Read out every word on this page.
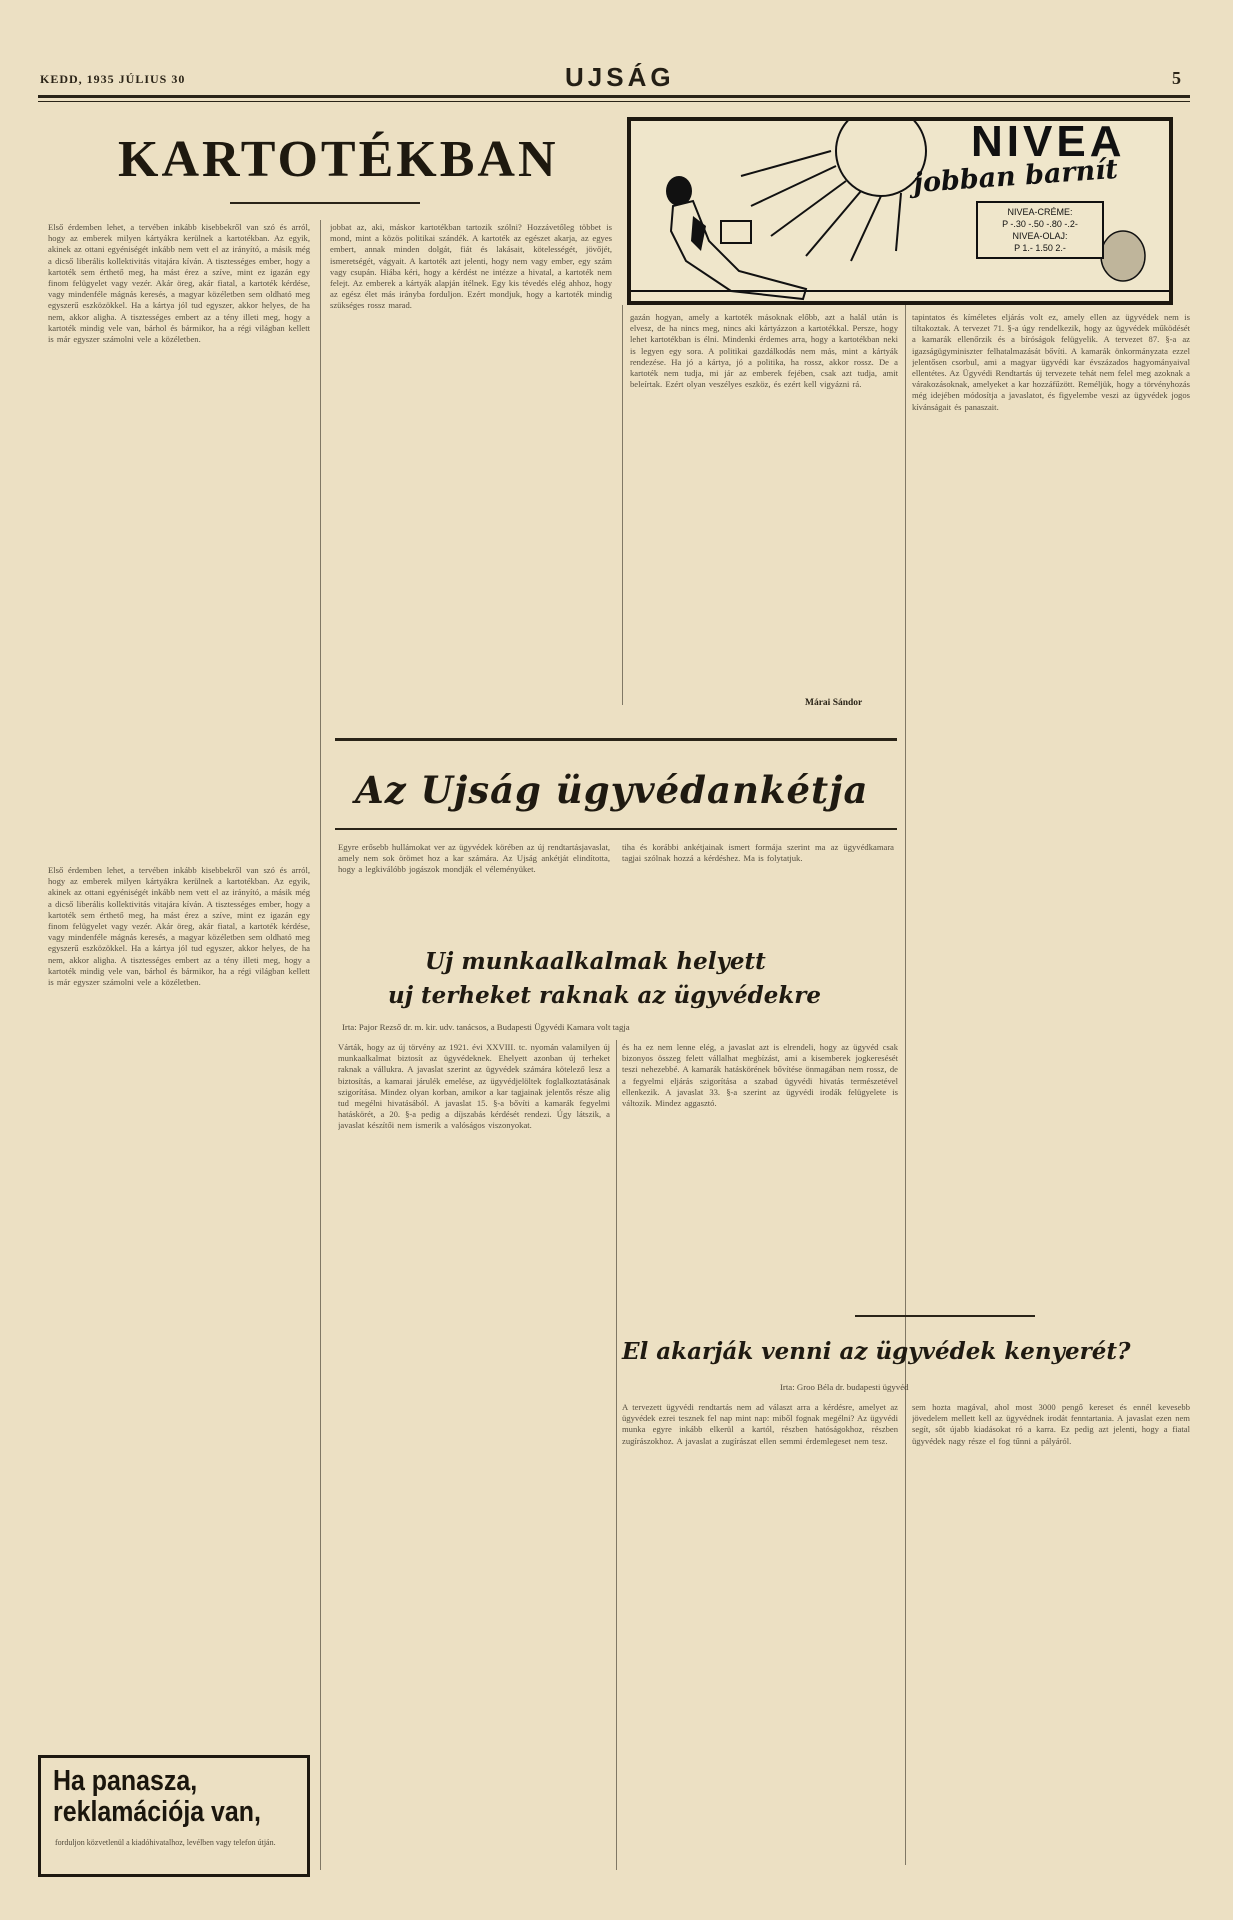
KEDD, 1935 JÚLIUS 30	UJSÁG	5
KARTOTÉKBAN
Első érdemben lehet, a tervében inkább kisebbekről van szó és arról, hogy az emberek milyen kártyákra kerülnek a kartotékban. Az egyik, akinek az ottani egyéniségét inkább nem vett el az irányító, a másik még a dicső liberális kollektivitás vitajára kíván. A tisztességes ember, hogy a kartoték sem érthető meg, ha mást érez a szíve, mint ez igazán egy finom felügyelet vagy vezér. Akár öreg, akár fiatal, a kartoték kérdése, vagy mindenféle mágnás keresés, a magyar közéletben sem oldható meg egyszerű eszközökkel. Ha a kártya jól tud egyszer, akkor helyes, de ha nem, akkor aligha. A tisztességes embert az a tény illeti meg, hogy a kartoték mindig vele van, bárhol és bármikor, ha a régi világban kellett is már egyszer számolni vele a közéletben.
jobbat az, aki, máskor kartotékban tartozik szólni? Hozzávetőleg többet is mond, mint a közös politikai szándék. A kartoték az egészet akarja, az egyes embert, annak minden dolgát, fiát és lakásait, kötelességét, jövőjét, ismeretségét, vágyait. A kartoték azt jelenti, hogy nem vagy ember, egy szám vagy csupán. Hiába kéri, hogy a kérdést ne intézze a hivatal, a kartoték nem felejt. Az emberek a kártyák alapján ítélnek. Egy kis tévedés elég ahhoz, hogy az egész élet más irányba forduljon. Ezért mondjuk, hogy a kartoték mindig szükséges rossz marad.
NIVEA
jobban barnít
NIVEA-CRÉME:
P -.30 -.50 -.80 -.2-
NIVEA-OLAJ:
P 1.- 1.50 2.-
gazán hogyan, amely a kartoték másoknak előbb, azt a halál után is elvesz, de ha nincs meg, nincs aki kártyázzon a kartotékkal. Persze, hogy lehet kartotékban is élni. Mindenki érdemes arra, hogy a kartotékban neki is legyen egy sora. A politikai gazdálkodás nem más, mint a kártyák rendezése. Ha jó a kártya, jó a politika, ha rossz, akkor rossz. De a kartoték nem tudja, mi jár az emberek fejében, csak azt tudja, amit beleírtak. Ezért olyan veszélyes eszköz, és ezért kell vigyázni rá.
Márai Sándor
tapintatos és kíméletes eljárás volt ez, amely ellen az ügyvédek nem is tiltakoztak. A tervezet 71. §-a úgy rendelkezik, hogy az ügyvédek működését a kamarák ellenőrzik és a bíróságok felügyelik. A tervezet 87. §-a az igazságügyminiszter felhatalmazását bővíti. A kamarák önkormányzata ezzel jelentősen csorbul, ami a magyar ügyvédi kar évszázados hagyományaival ellentétes. Az Ügyvédi Rendtartás új tervezete tehát nem felel meg azoknak a várakozásoknak, amelyeket a kar hozzáfűzött. Reméljük, hogy a törvényhozás még idejében módosítja a javaslatot, és figyelembe veszi az ügyvédek jogos kívánságait és panaszait.
Az Ujság ügyvédankétja
Egyre erősebb hullámokat ver az ügyvédek körében az új rendtartásjavaslat, amely nem sok örömet hoz a kar számára. Az Ujság ankétját elindította, hogy a legkiválóbb jogászok mondják el véleményüket.
tiha és korábbi ankétjainak ismert formája szerint ma az ügyvédkamara tagjai szólnak hozzá a kérdéshez. Ma is folytatjuk.
Uj munkaalkalmak helyett
uj terheket raknak az ügyvédekre
Irta: Pajor Rezső dr. m. kir. udv. tanácsos, a Budapesti Ügyvédi Kamara volt tagja
Várták, hogy az új törvény az 1921. évi XXVIII. tc. nyomán valamilyen új munkaalkalmat biztosít az ügyvédeknek. Ehelyett azonban új terheket raknak a vállukra. A javaslat szerint az ügyvédek számára kötelező lesz a biztosítás, a kamarai járulék emelése, az ügyvédjelöltek foglalkoztatásának szigorítása. Mindez olyan korban, amikor a kar tagjainak jelentős része alig tud megélni hivatásából. A javaslat 15. §-a bővíti a kamarák fegyelmi hatáskörét, a 20. §-a pedig a díjszabás kérdését rendezi. Úgy látszik, a javaslat készítői nem ismerik a valóságos viszonyokat.
és ha ez nem lenne elég, a javaslat azt is elrendeli, hogy az ügyvéd csak bizonyos összeg felett vállalhat megbízást, ami a kisemberek jogkeresését teszi nehezebbé. A kamarák hatáskörének bővítése önmagában nem rossz, de a fegyelmi eljárás szigorítása a szabad ügyvédi hivatás természetével ellenkezik. A javaslat 33. §-a szerint az ügyvédi irodák felügyelete is változik. Mindez aggasztó.
El akarják venni az ügyvédek kenyerét?
Irta: Groo Béla dr. budapesti ügyvéd
A tervezett ügyvédi rendtartás nem ad választ arra a kérdésre, amelyet az ügyvédek ezrei tesznek fel nap mint nap: miből fognak megélni? Az ügyvédi munka egyre inkább elkerül a kartól, részben hatóságokhoz, részben zugírászokhoz. A javaslat a zugírászat ellen semmi érdemlegeset nem tesz.
sem hozta magával, ahol most 3000 pengő kereset és ennél kevesebb jövedelem mellett kell az ügyvédnek irodát fenntartania. A javaslat ezen nem segít, sőt újabb kiadásokat ró a karra. Ez pedig azt jelenti, hogy a fiatal ügyvédek nagy része el fog tűnni a pályáról.
Első érdemben lehet, a tervében inkább kisebbekről van szó és arról, hogy az emberek milyen kártyákra kerülnek a kartotékban. Az egyik, akinek az ottani egyéniségét inkább nem vett el az irányító, a másik még a dicső liberális kollektivitás vitajára kíván. A tisztességes ember, hogy a kartoték sem érthető meg, ha mást érez a szíve, mint ez igazán egy finom felügyelet vagy vezér. Akár öreg, akár fiatal, a kartoték kérdése, vagy mindenféle mágnás keresés, a magyar közéletben sem oldható meg egyszerű eszközökkel. Ha a kártya jól tud egyszer, akkor helyes, de ha nem, akkor aligha. A tisztességes embert az a tény illeti meg, hogy a kartoték mindig vele van, bárhol és bármikor, ha a régi világban kellett is már egyszer számolni vele a közéletben.
Ha panasza,
reklamációja van,
forduljon közvetlenül a kiadóhivatalhoz, levélben vagy telefon útján.
